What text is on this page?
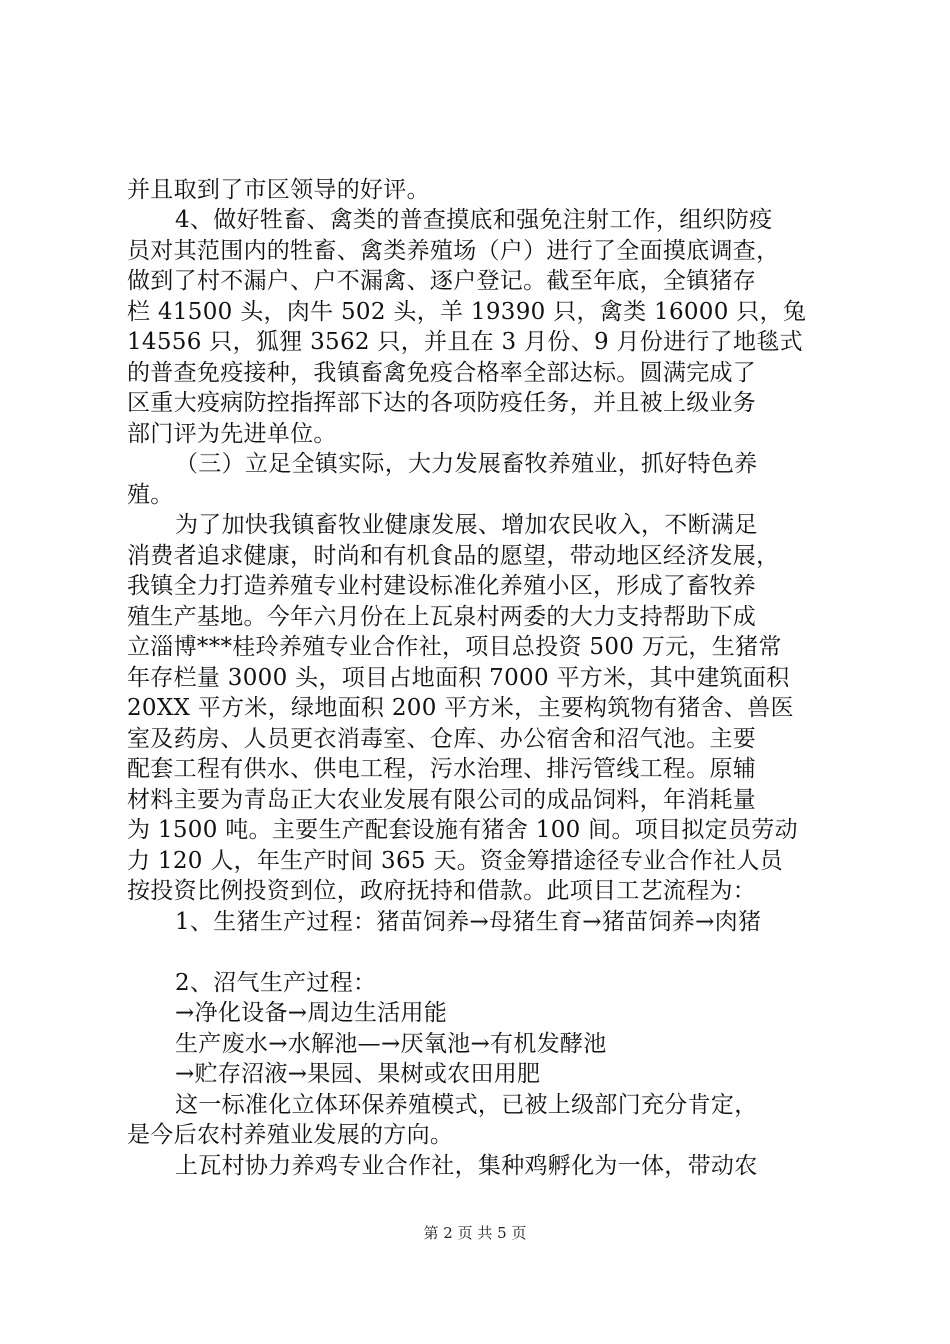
并且取到了市区领导的好评。
4、做好牲畜、禽类的普查摸底和强免注射工作，组织防疫
员对其范围内的牲畜、禽类养殖场（户）进行了全面摸底调查，
做到了村不漏户、户不漏禽、逐户登记。截至年底，全镇猪存
栏 41500 头，肉牛 502 头，羊 19390 只，禽类 16000 只，兔
14556 只，狐狸 3562 只，并且在 3 月份、9 月份进行了地毯式
的普查免疫接种，我镇畜禽免疫合格率全部达标。圆满完成了
区重大疫病防控指挥部下达的各项防疫任务，并且被上级业务
部门评为先进单位。
（三）立足全镇实际，大力发展畜牧养殖业，抓好特色养
殖。
为了加快我镇畜牧业健康发展、增加农民收入，不断满足
消费者追求健康，时尚和有机食品的愿望，带动地区经济发展，
我镇全力打造养殖专业村建设标准化养殖小区，形成了畜牧养
殖生产基地。今年六月份在上瓦泉村两委的大力支持帮助下成
立淄博***桂玲养殖专业合作社，项目总投资 500 万元，生猪常
年存栏量 3000 头，项目占地面积 7000 平方米，其中建筑面积
20XX 平方米，绿地面积 200 平方米，主要构筑物有猪舍、兽医
室及药房、人员更衣消毒室、仓库、办公宿舍和沼气池。主要
配套工程有供水、供电工程，污水治理、排污管线工程。原辅
材料主要为青岛正大农业发展有限公司的成品饲料，年消耗量
为 1500 吨。主要生产配套设施有猪舍 100 间。项目拟定员劳动
力 120 人，年生产时间 365 天。资金筹措途径专业合作社人员
按投资比例投资到位，政府抚持和借款。此项目工艺流程为：
1、生猪生产过程：猪苗饲养→母猪生育→猪苗饲养→肉猪
2、沼气生产过程：
→净化设备→周边生活用能
生产废水→水解池—→厌氧池→有机发酵池
→贮存沼液→果园、果树或农田用肥
这一标准化立体环保养殖模式，已被上级部门充分肯定，
是今后农村养殖业发展的方向。
上瓦村协力养鸡专业合作社，集种鸡孵化为一体，带动农
第 2 页 共 5 页
